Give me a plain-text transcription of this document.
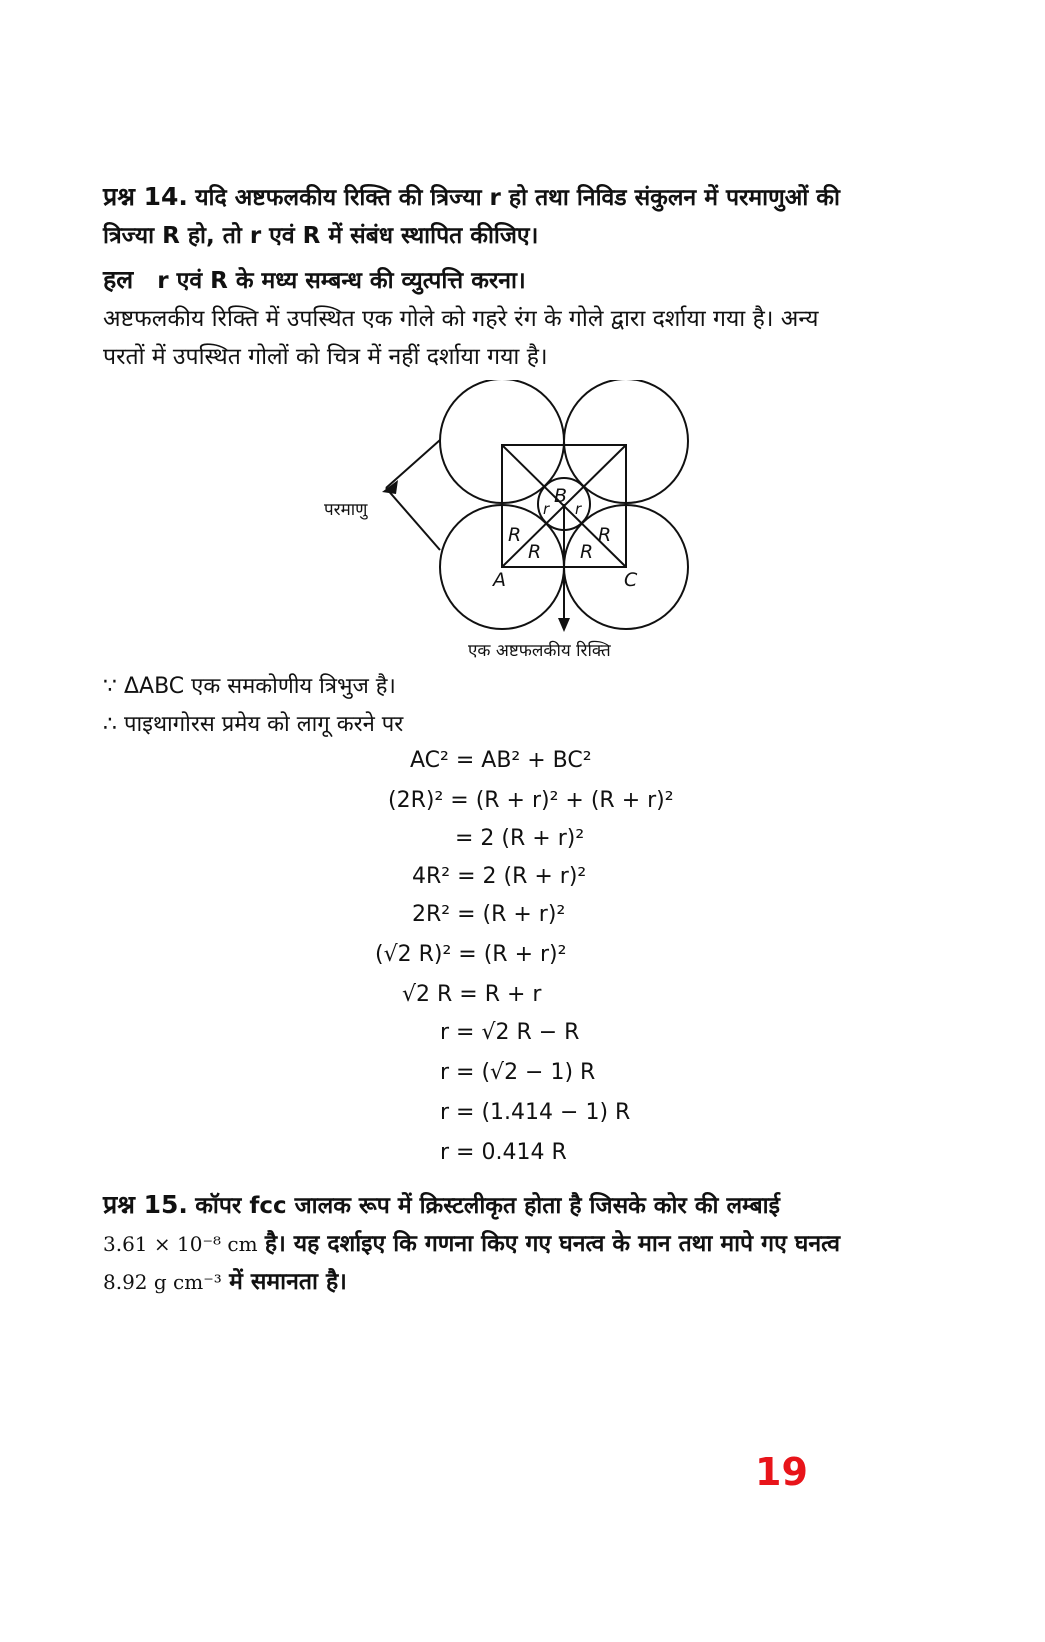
प्रश्न 14. यदि अष्टफलकीय रिक्ति की त्रिज्या r हो तथा निविड संकुलन में परमाणुओं की
त्रिज्या R हो, तो r एवं R में संबंध स्थापित कीजिए।
हल r एवं R के मध्य सम्बन्ध की व्युत्पत्ति करना।
अष्टफलकीय रिक्ति में उपस्थित एक गोले को गहरे रंग के गोले द्वारा दर्शाया गया है। अन्य
परतों में उपस्थित गोलों को चित्र में नहीं दर्शाया गया है।
B
A	C
R
R
R
R
r r
परमाणु
एक अष्टफलकीय रिक्ति
∵ ΔABC एक समकोणीय त्रिभुज है।
∴ पाइथागोरस प्रमेय को लागू करने पर
AC² = AB² + BC²
(2R)² = (R + r)² + (R + r)²
= 2 (R + r)²
4R² = 2 (R + r)²
2R² = (R + r)²
(√2 R)² = (R + r)²
√2 R = R + r
r = √2 R − R
r = (√2 − 1) R
r = (1.414 − 1) R
r = 0.414 R
प्रश्न 15. कॉपर fcc जालक रूप में क्रिस्टलीकृत होता है जिसके कोर की लम्बाई
3.61 × 10⁻⁸ cm है। यह दर्शाइए कि गणना किए गए घनत्व के मान तथा मापे गए घनत्व
8.92 g cm⁻³ में समानता है।
19
